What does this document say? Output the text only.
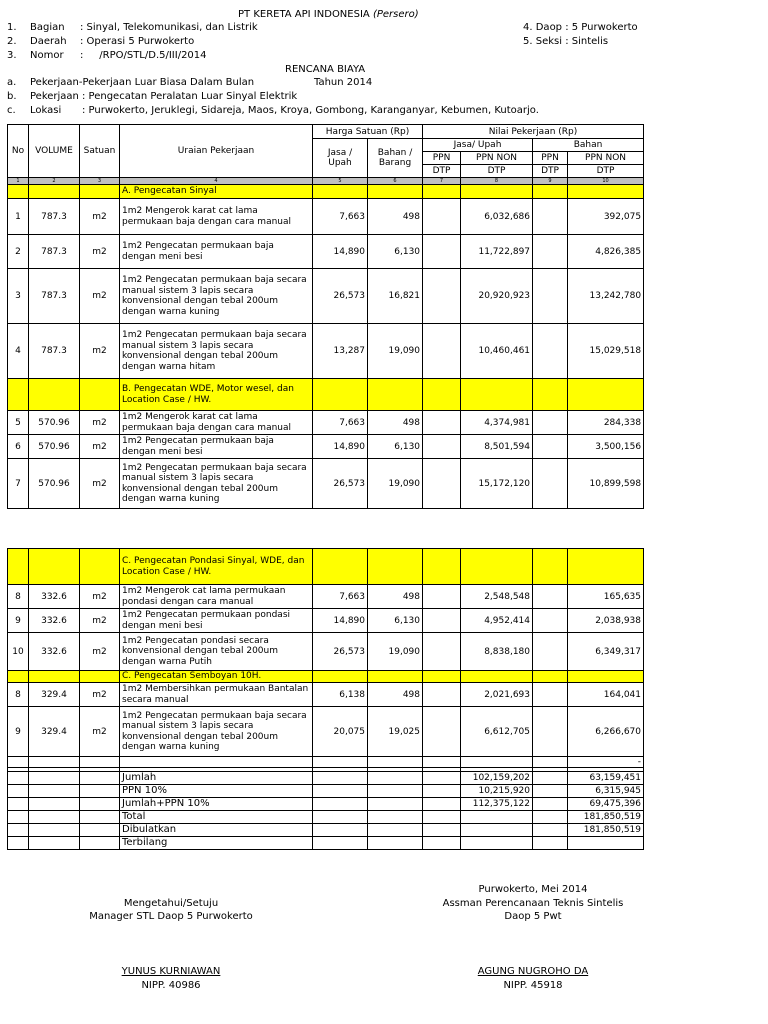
PT KERETA API INDONESIA (Persero)
1. Bagian : Sinyal, Telekomunikasi, dan Listrik
2. Daerah : Operasi 5 Purwokerto
3. Nomor :     /RPO/STL/D.5/III/2014
4. Daop : 5 Purwokerto
5. Seksi : Sintelis
RENCANA BIAYA
a. Pekerjaan-Pekerjaan Luar Biasa Dalam Bulan	Tahun 2014
b. Pekerjaan : Pengecatan Peralatan Luar Sinyal Elektrik
c. Lokasi : Purwokerto, Jeruklegi, Sidareja, Maos, Kroya, Gombong, Karanganyar, Kebumen, Kutoarjo.
No	VOLUME	Satuan	Uraian Pekerjaan	Harga Satuan (Rp)		Nilai Pekerjaan (Rp)			
				Jasa / Upah	Bahan / Barang	Jasa/ Upah		Bahan	
						PPN	PPN NON	PPN	PPN NON
						DTP	DTP	DTP	DTP
1	2	3	4	5	6	7	8	9	10
			A. Pengecatan Sinyal						
1	787.3	m2	1m2 Mengerok karat cat lama permukaan baja dengan cara manual	7,663	498		6,032,686		392,075
2	787.3	m2	1m2 Pengecatan permukaan baja dengan meni besi	14,890	6,130		11,722,897		4,826,385
3	787.3	m2	1m2 Pengecatan permukaan baja secara manual sistem 3 lapis secara konvensional dengan tebal 200um dengan warna kuning	26,573	16,821		20,920,923		13,242,780
4	787.3	m2	1m2 Pengecatan permukaan baja secara manual sistem 3 lapis secara konvensional dengan tebal 200um dengan warna hitam	13,287	19,090		10,460,461		15,029,518
			B. Pengecatan WDE, Motor wesel, dan Location Case / HW.						
5	570.96	m2	1m2 Mengerok karat cat lama permukaan baja dengan cara manual	7,663	498		4,374,981		284,338
6	570.96	m2	1m2 Pengecatan permukaan baja dengan meni besi	14,890	6,130		8,501,594		3,500,156
7	570.96	m2	1m2 Pengecatan permukaan baja secara manual sistem 3 lapis secara konvensional dengan tebal 200um dengan warna kuning	26,573	19,090		15,172,120		10,899,598
			C. Pengecatan Pondasi Sinyal, WDE, dan Location Case / HW.						
8	332.6	m2	1m2 Mengerok cat lama permukaan pondasi dengan cara manual	7,663	498		2,548,548		165,635
9	332.6	m2	1m2 Pengecatan permukaan pondasi dengan meni besi	14,890	6,130		4,952,414		2,038,938
10	332.6	m2	1m2 Pengecatan pondasi secara konvensional dengan tebal 200um dengan warna Putih	26,573	19,090		8,838,180		6,349,317
			C. Pengecatan Semboyan 10H.						
8	329.4	m2	1m2 Membersihkan permukaan Bantalan secara manual	6,138	498		2,021,693		164,041
9	329.4	m2	1m2 Pengecatan permukaan baja secara manual sistem 3 lapis secara konvensional dengan tebal 200um dengan warna kuning	20,075	19,025		6,612,705		6,266,670
									-

			Jumlah				102,159,202		63,159,451
			PPN 10%				10,215,920		6,315,945
			Jumlah+PPN 10%				112,375,122		69,475,396
			Total						181,850,519
			Dibulatkan						181,850,519
			Terbilang						
Purwokerto, Mei 2014
Mengetahui/Setuju
Manager STL Daop 5 Purwokerto
Assman Perencanaan Teknis Sintelis
Daop 5 Pwt
YUNUS KURNIAWAN
NIPP. 40986
AGUNG NUGROHO DA
NIPP. 45918
